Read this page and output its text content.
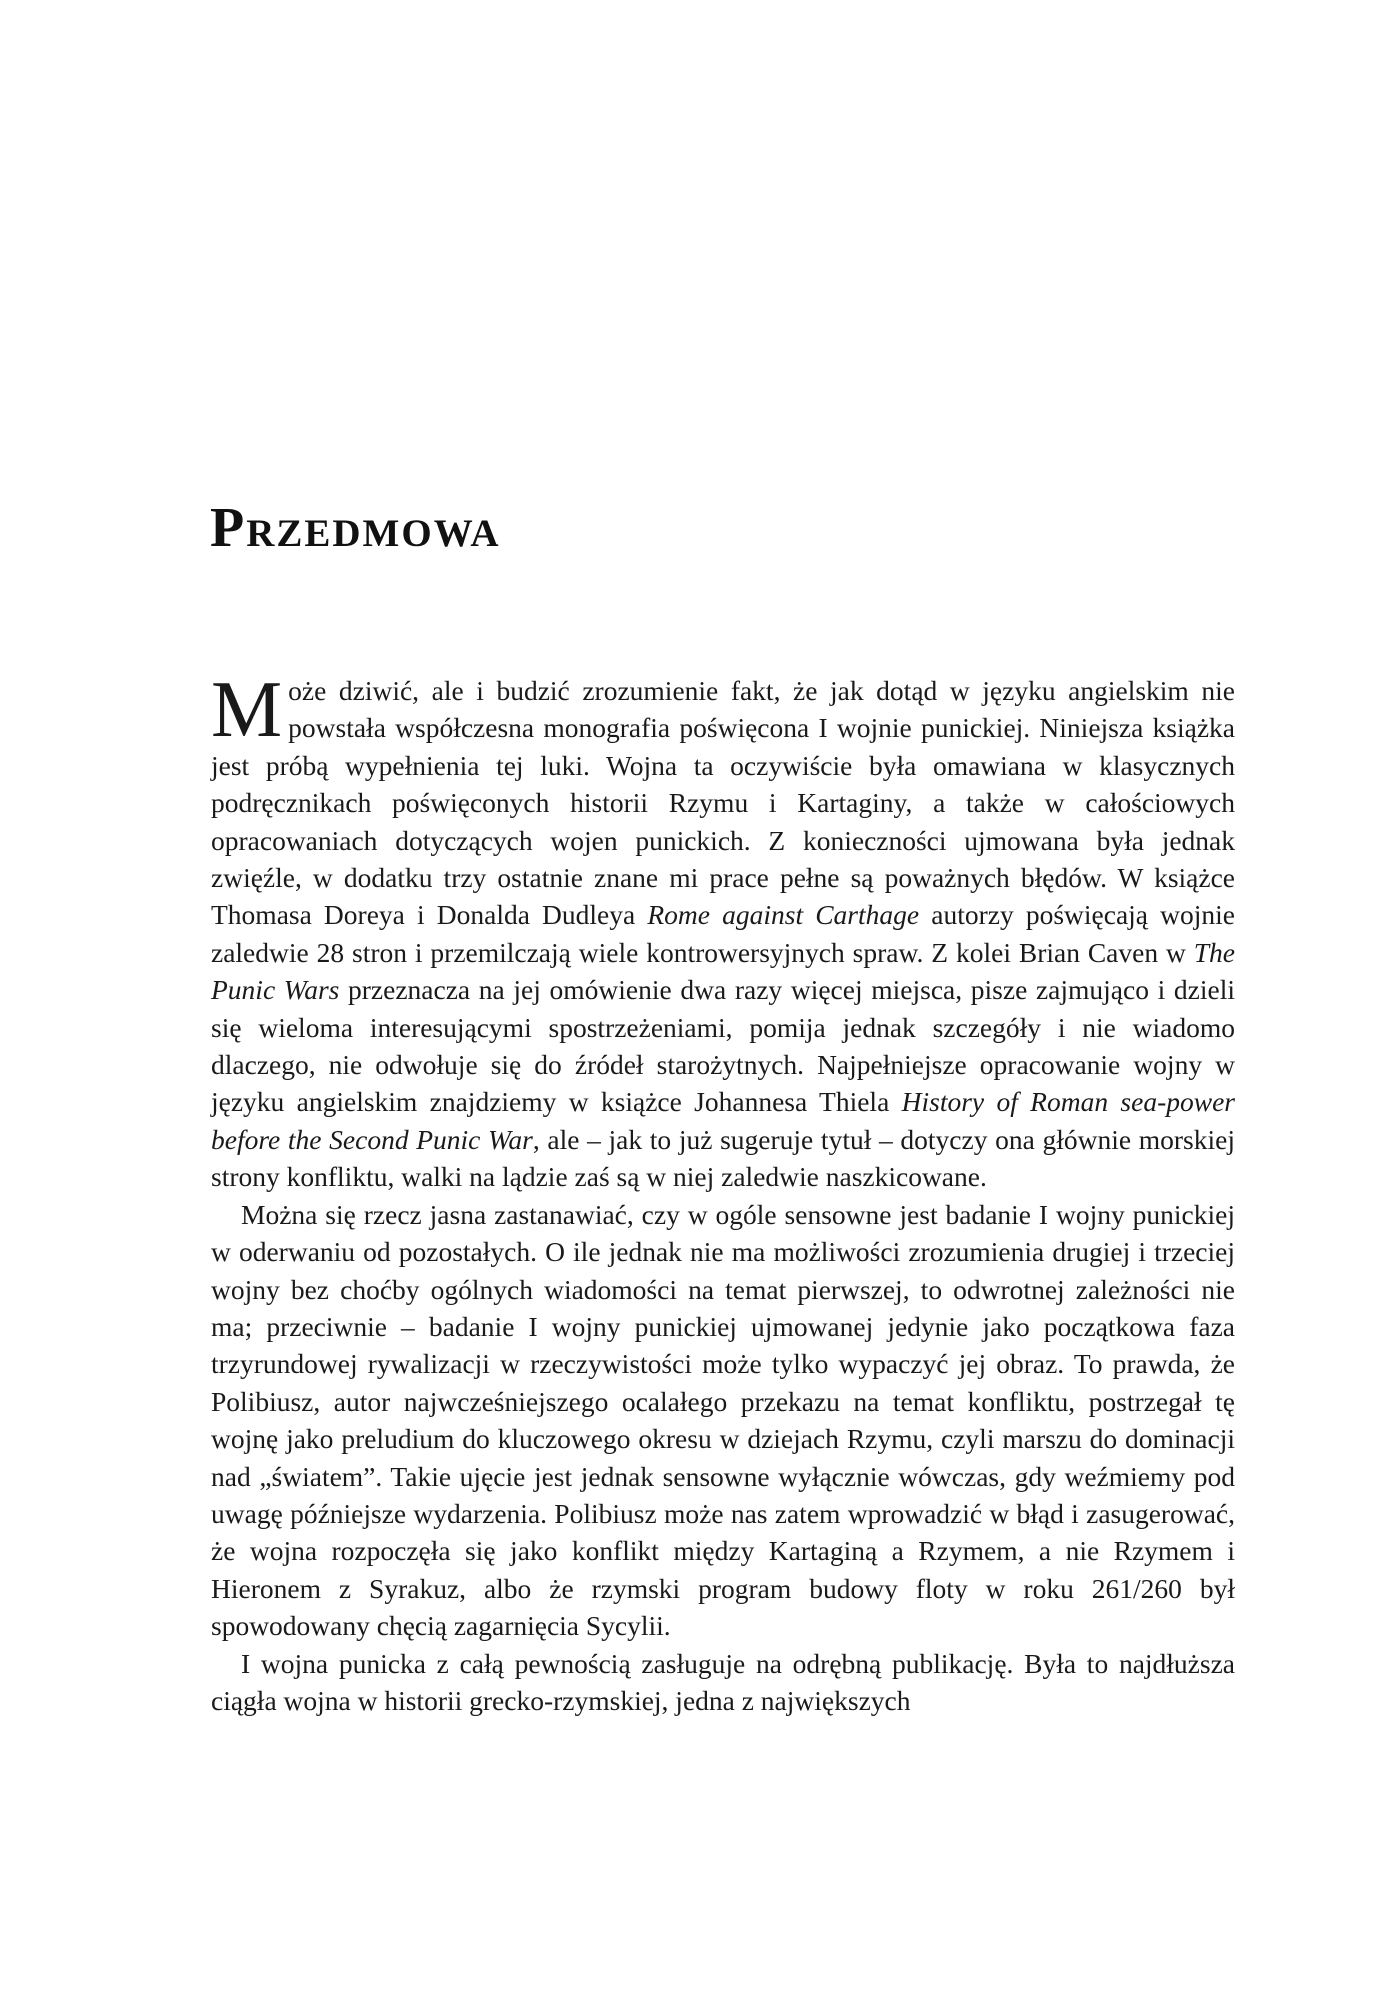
Przedmowa

Może dziwić, ale i budzić zrozumienie fakt, że jak dotąd w języku angielskim nie powstała współczesna monografia poświęcona I wojnie punickiej. Niniejsza książka jest próbą wypełnienia tej luki. Wojna ta oczywiście była omawiana w klasycznych podręcznikach poświęconych historii Rzymu i Kartaginy, a także w całościowych opracowaniach dotyczących wojen punickich. Z konieczności ujmowana była jednak zwięźle, w dodatku trzy ostatnie znane mi prace pełne są poważnych błędów. W książce Thomasa Doreya i Donalda Dudleya Rome against Carthage autorzy poświęcają wojnie zaledwie 28 stron i przemilczają wiele kontrowersyjnych spraw. Z kolei Brian Caven w The Punic Wars przeznacza na jej omówienie dwa razy więcej miejsca, pisze zajmująco i dzieli się wieloma interesującymi spostrzeżeniami, pomija jednak szczegóły i nie wiadomo dlaczego, nie odwołuje się do źródeł starożytnych. Najpełniejsze opracowanie wojny w języku angielskim znajdziemy w książce Johannesa Thiela History of Roman sea-power before the Second Punic War, ale – jak to już sugeruje tytuł – dotyczy ona głównie morskiej strony konfliktu, walki na lądzie zaś są w niej zaledwie naszkicowane.

Można się rzecz jasna zastanawiać, czy w ogóle sensowne jest badanie I wojny punickiej w oderwaniu od pozostałych. O ile jednak nie ma możliwości zrozumienia drugiej i trzeciej wojny bez choćby ogólnych wiadomości na temat pierwszej, to odwrotnej zależności nie ma; przeciwnie – badanie I wojny punickiej ujmowanej jedynie jako początkowa faza trzyrundowej rywalizacji w rzeczywistości może tylko wypaczyć jej obraz. To prawda, że Polibiusz, autor najwcześniejszego ocalałego przekazu na temat konfliktu, postrzegał tę wojnę jako preludium do kluczowego okresu w dziejach Rzymu, czyli marszu do dominacji nad „światem”. Takie ujęcie jest jednak sensowne wyłącznie wówczas, gdy weźmiemy pod uwagę późniejsze wydarzenia. Polibiusz może nas zatem wprowadzić w błąd i zasugerować, że wojna rozpoczęła się jako konflikt między Kartaginą a Rzymem, a nie Rzymem i Hieronem z Syrakuz, albo że rzymski program budowy floty w roku 261/260 był spowodowany chęcią zagarnięcia Sycylii.

I wojna punicka z całą pewnością zasługuje na odrębną publikację. Była to najdłuższa ciągła wojna w historii grecko-rzymskiej, jedna z największych
